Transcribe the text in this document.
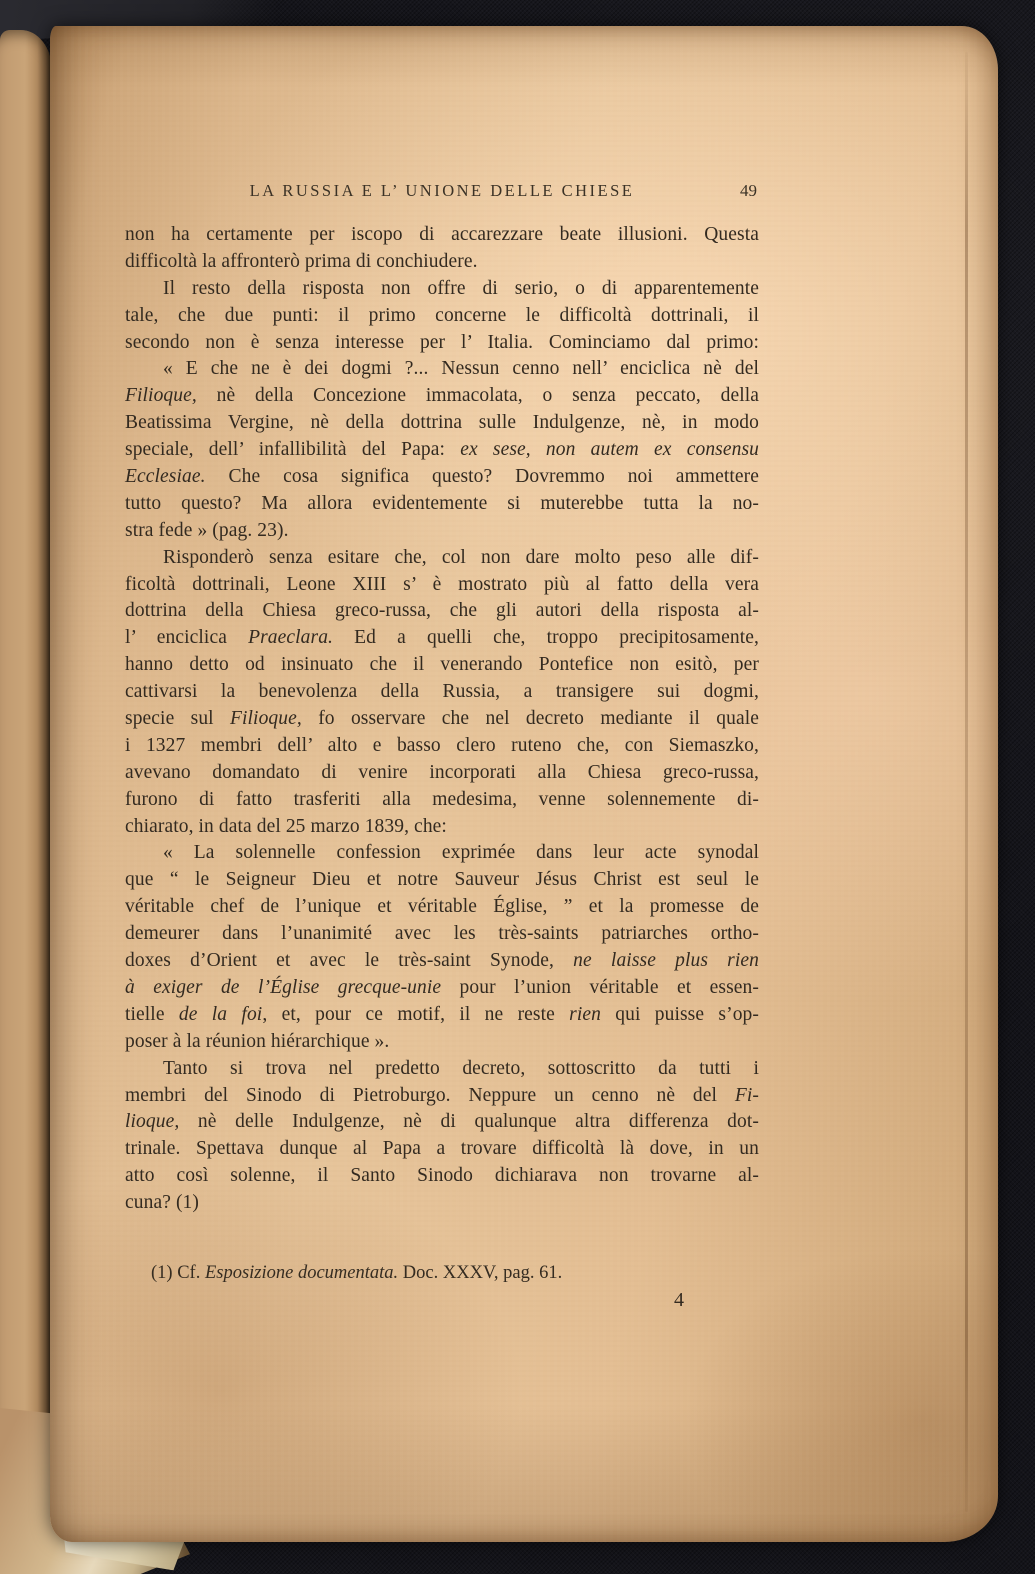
LA RUSSIA E L’ UNIONE DELLE CHIESE	49
non ha certamente per iscopo di accarezzare beate illusioni. Questa
difficoltà la affronterò prima di conchiudere.
Il resto della risposta non offre di serio, o di apparentemente
tale, che due punti: il primo concerne le difficoltà dottrinali, il
secondo non è senza interesse per l’ Italia. Cominciamo dal primo:
« E che ne è dei dogmi ?... Nessun cenno nell’ enciclica nè del
Filioque, nè della Concezione immacolata, o senza peccato, della
Beatissima Vergine, nè della dottrina sulle Indulgenze, nè, in modo
speciale, dell’ infallibilità del Papa: ex sese, non autem ex consensu
Ecclesiae. Che cosa significa questo? Dovremmo noi ammettere
tutto questo? Ma allora evidentemente si muterebbe tutta la no-
stra fede » (pag. 23).
Risponderò senza esitare che, col non dare molto peso alle dif-
ficoltà dottrinali, Leone XIII s’ è mostrato più al fatto della vera
dottrina della Chiesa greco-russa, che gli autori della risposta al-
l’ enciclica Praeclara. Ed a quelli che, troppo precipitosamente,
hanno detto od insinuato che il venerando Pontefice non esitò, per
cattivarsi la benevolenza della Russia, a transigere sui dogmi,
specie sul Filioque, fo osservare che nel decreto mediante il quale
i 1327 membri dell’ alto e basso clero ruteno che, con Siemaszko,
avevano domandato di venire incorporati alla Chiesa greco-russa,
furono di fatto trasferiti alla medesima, venne solennemente di-
chiarato, in data del 25 marzo 1839, che:
« La solennelle confession exprimée dans leur acte synodal
que “ le Seigneur Dieu et notre Sauveur Jésus Christ est seul le
véritable chef de l’unique et véritable Église, ” et la promesse de
demeurer dans l’unanimité avec les très-saints patriarches ortho-
doxes d’Orient et avec le très-saint Synode, ne laisse plus rien
à exiger de l’Église grecque-unie pour l’union véritable et essen-
tielle de la foi, et, pour ce motif, il ne reste rien qui puisse s’op-
poser à la réunion hiérarchique ».
Tanto si trova nel predetto decreto, sottoscritto da tutti i
membri del Sinodo di Pietroburgo. Neppure un cenno nè del Fi-
lioque, nè delle Indulgenze, nè di qualunque altra differenza dot-
trinale. Spettava dunque al Papa a trovare difficoltà là dove, in un
atto così solenne, il Santo Sinodo dichiarava non trovarne al-
cuna? (1)
(1) Cf. Esposizione documentata. Doc. XXXV, pag. 61.
4
